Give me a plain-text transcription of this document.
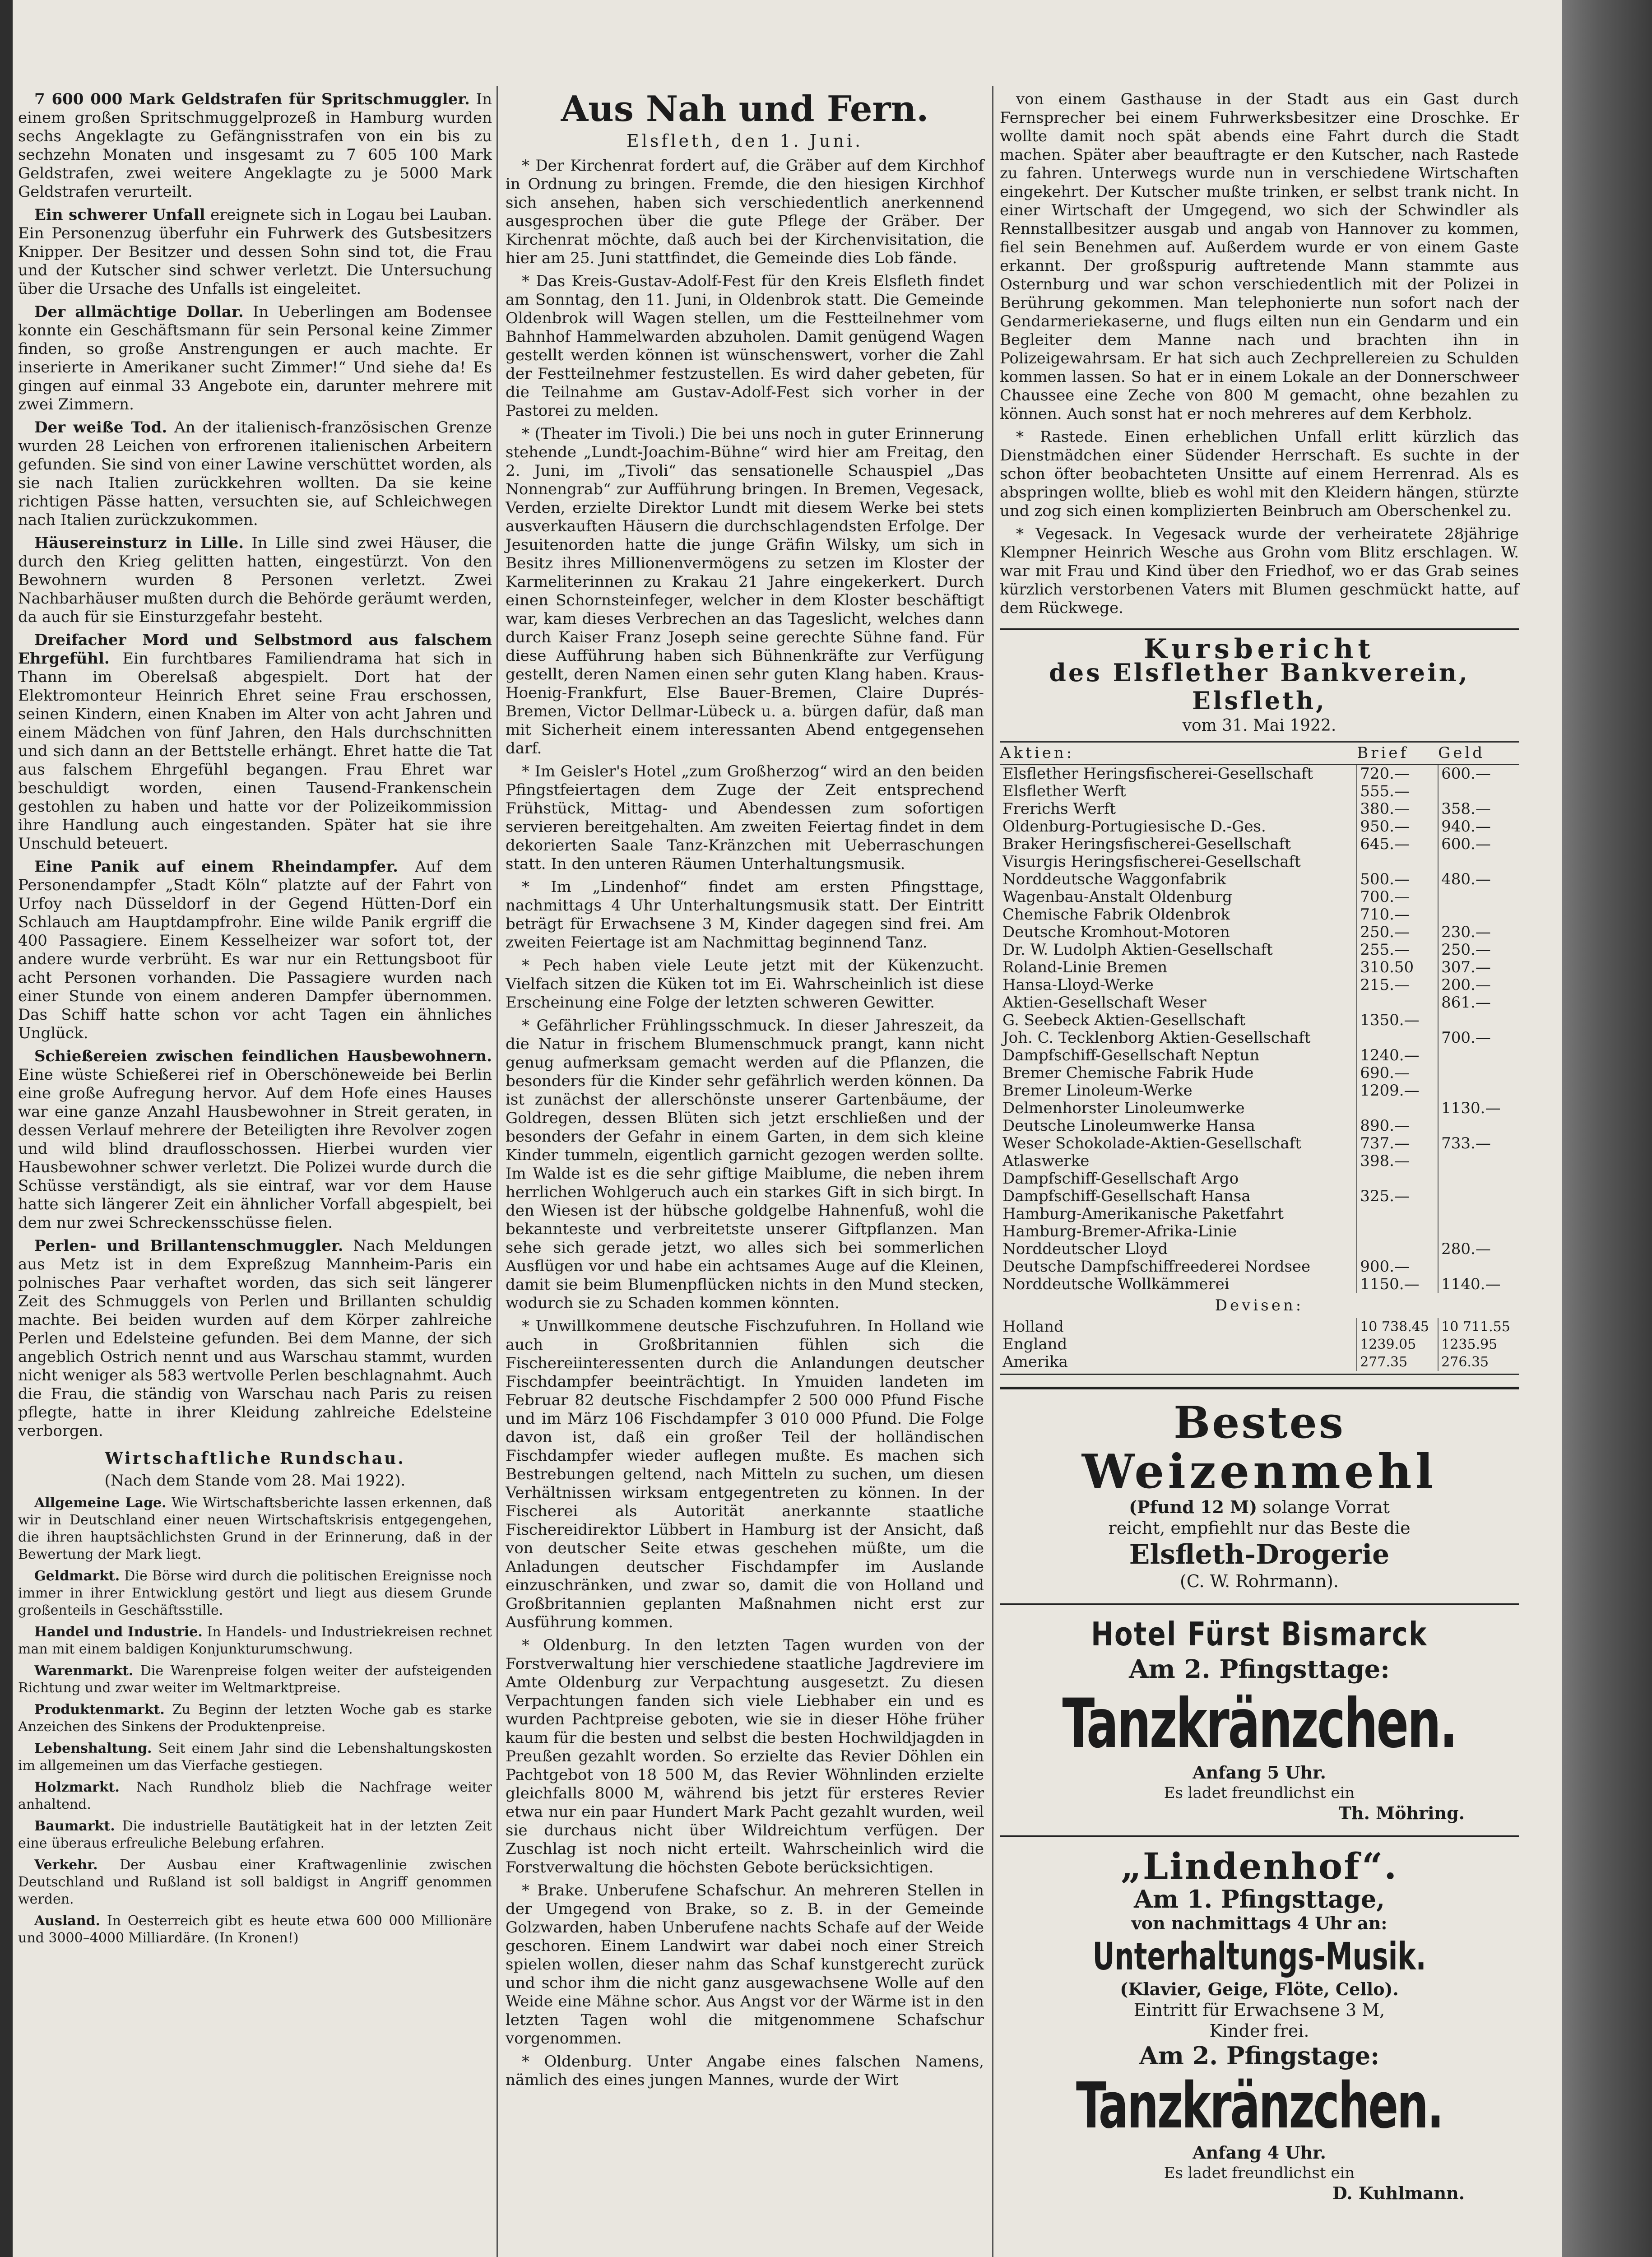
7 600 000 Mark Geldstrafen für Spritschmuggler. In einem großen Spritschmuggelprozeß in Hamburg wurden sechs Angeklagte zu Gefängnisstrafen von ein bis zu sechzehn Monaten und insgesamt zu 7 605 100 Mark Geldstrafen, zwei weitere Angeklagte zu je 5000 Mark Geldstrafen verurteilt.

Ein schwerer Unfall ereignete sich in Logau bei Lauban. Ein Personenzug überfuhr ein Fuhrwerk des Gutsbesitzers Knipper. Der Besitzer und dessen Sohn sind tot, die Frau und der Kutscher sind schwer verletzt. Die Untersuchung über die Ursache des Unfalls ist eingeleitet.

Der allmächtige Dollar. In Ueberlingen am Bodensee konnte ein Geschäftsmann für sein Personal keine Zimmer finden, so große Anstrengungen er auch machte. Er inserierte in Amerikaner sucht Zimmer!“ Und siehe da! Es gingen auf einmal 33 Angebote ein, darunter mehrere mit zwei Zimmern.

Der weiße Tod. An der italienisch-französischen Grenze wurden 28 Leichen von erfrorenen italienischen Arbeitern gefunden. Sie sind von einer Lawine verschüttet worden, als sie nach Italien zurückkehren wollten. Da sie keine richtigen Pässe hatten, versuchten sie, auf Schleichwegen nach Italien zurückzukommen.

Häusereinsturz in Lille. In Lille sind zwei Häuser, die durch den Krieg gelitten hatten, eingestürzt. Von den Bewohnern wurden 8 Personen verletzt. Zwei Nachbarhäuser mußten durch die Behörde geräumt werden, da auch für sie Einsturzgefahr besteht.

Dreifacher Mord und Selbstmord aus falschem Ehrgefühl. Ein furchtbares Familiendrama hat sich in Thann im Oberelsaß abgespielt. Dort hat der Elektromonteur Heinrich Ehret seine Frau erschossen, seinen Kindern, einen Knaben im Alter von acht Jahren und einem Mädchen von fünf Jahren, den Hals durchschnitten und sich dann an der Bettstelle erhängt. Ehret hatte die Tat aus falschem Ehrgefühl begangen. Frau Ehret war beschuldigt worden, einen Tausend-Frankenschein gestohlen zu haben und hatte vor der Polizeikommission ihre Handlung auch eingestanden. Später hat sie ihre Unschuld beteuert.

Eine Panik auf einem Rheindampfer. Auf dem Personendampfer „Stadt Köln“ platzte auf der Fahrt von Urfoy nach Düsseldorf in der Gegend Hütten-Dorf ein Schlauch am Hauptdampfrohr. Eine wilde Panik ergriff die 400 Passagiere. Einem Kesselheizer war sofort tot, der andere wurde verbrüht. Es war nur ein Rettungsboot für acht Personen vorhanden. Die Passagiere wurden nach einer Stunde von einem anderen Dampfer übernommen. Das Schiff hatte schon vor acht Tagen ein ähnliches Unglück.

Schießereien zwischen feindlichen Hausbewohnern. Eine wüste Schießerei rief in Oberschöneweide bei Berlin eine große Aufregung hervor. Auf dem Hofe eines Hauses war eine ganze Anzahl Hausbewohner in Streit geraten, in dessen Verlauf mehrere der Beteiligten ihre Revolver zogen und wild blind drauflosschossen. Hierbei wurden vier Hausbewohner schwer verletzt. Die Polizei wurde durch die Schüsse verständigt, als sie eintraf, war vor dem Hause hatte sich längerer Zeit ein ähnlicher Vorfall abgespielt, bei dem nur zwei Schreckensschüsse fielen.

Perlen- und Brillantenschmuggler. Nach Meldungen aus Metz ist in dem Expreßzug Mannheim-Paris ein polnisches Paar verhaftet worden, das sich seit längerer Zeit des Schmuggels von Perlen und Brillanten schuldig machte. Bei beiden wurden auf dem Körper zahlreiche Perlen und Edelsteine gefunden. Bei dem Manne, der sich angeblich Ostrich nennt und aus Warschau stammt, wurden nicht weniger als 583 wertvolle Perlen beschlagnahmt. Auch die Frau, die ständig von Warschau nach Paris zu reisen pflegte, hatte in ihrer Kleidung zahlreiche Edelsteine verborgen.

Wirtschaftliche Rundschau.

(Nach dem Stande vom 28. Mai 1922).

Allgemeine Lage. Wie Wirtschaftsberichte lassen erkennen, daß wir in Deutschland einer neuen Wirtschaftskrisis entgegengehen, die ihren hauptsächlichsten Grund in der Erinnerung, daß in der Bewertung der Mark liegt.

Geldmarkt. Die Börse wird durch die politischen Ereignisse noch immer in ihrer Entwicklung gestört und liegt aus diesem Grunde großenteils in Geschäftsstille.

Handel und Industrie. In Handels- und Industriekreisen rechnet man mit einem baldigen Konjunkturumschwung.

Warenmarkt. Die Warenpreise folgen weiter der aufsteigenden Richtung und zwar weiter im Weltmarktpreise.

Produktenmarkt. Zu Beginn der letzten Woche gab es starke Anzeichen des Sinkens der Produktenpreise.

Lebenshaltung. Seit einem Jahr sind die Lebenshaltungskosten im allgemeinen um das Vierfache gestiegen.

Holzmarkt. Nach Rundholz blieb die Nachfrage weiter anhaltend.

Baumarkt. Die industrielle Bautätigkeit hat in der letzten Zeit eine überaus erfreuliche Belebung erfahren.

Verkehr. Der Ausbau einer Kraftwagenlinie zwischen Deutschland und Rußland ist soll baldigst in Angriff genommen werden.

Ausland. In Oesterreich gibt es heute etwa 600 000 Millionäre und 3000–4000 Milliardäre. (In Kronen!)

Aus Nah und Fern.

Elsfleth, den 1. Juni.

* Der Kirchenrat fordert auf, die Gräber auf dem Kirchhof in Ordnung zu bringen. Fremde, die den hiesigen Kirchhof sich ansehen, haben sich verschiedentlich anerkennend ausgesprochen über die gute Pflege der Gräber. Der Kirchenrat möchte, daß auch bei der Kirchenvisitation, die hier am 25. Juni stattfindet, die Gemeinde dies Lob fände.

* Das Kreis-Gustav-Adolf-Fest für den Kreis Elsfleth findet am Sonntag, den 11. Juni, in Oldenbrok statt. Die Gemeinde Oldenbrok will Wagen stellen, um die Festteilnehmer vom Bahnhof Hammelwarden abzuholen. Damit genügend Wagen gestellt werden können ist wünschenswert, vorher die Zahl der Festteilnehmer festzustellen. Es wird daher gebeten, für die Teilnahme am Gustav-Adolf-Fest sich vorher in der Pastorei zu melden.

* (Theater im Tivoli.) Die bei uns noch in guter Erinnerung stehende „Lundt-Joachim-Bühne“ wird hier am Freitag, den 2. Juni, im „Tivoli“ das sensationelle Schauspiel „Das Nonnengrab“ zur Aufführung bringen. In Bremen, Vegesack, Verden, erzielte Direktor Lundt mit diesem Werke bei stets ausverkauften Häusern die durchschlagendsten Erfolge. Der Jesuitenorden hatte die junge Gräfin Wilsky, um sich in Besitz ihres Millionenvermögens zu setzen im Kloster der Karmeliterinnen zu Krakau 21 Jahre eingekerkert. Durch einen Schornsteinfeger, welcher in dem Kloster beschäftigt war, kam dieses Verbrechen an das Tageslicht, welches dann durch Kaiser Franz Joseph seine gerechte Sühne fand. Für diese Aufführung haben sich Bühnenkräfte zur Verfügung gestellt, deren Namen einen sehr guten Klang haben. Kraus-Hoenig-Frankfurt, Else Bauer-Bremen, Claire Duprés-Bremen, Victor Dellmar-Lübeck u. a. bürgen dafür, daß man mit Sicherheit einem interessanten Abend entgegensehen darf.

* Im Geisler's Hotel „zum Großherzog“ wird an den beiden Pfingstfeiertagen dem Zuge der Zeit entsprechend Frühstück, Mittag- und Abendessen zum sofortigen servieren bereitgehalten. Am zweiten Feiertag findet in dem dekorierten Saale Tanz-Kränzchen mit Ueberraschungen statt. In den unteren Räumen Unterhaltungsmusik.

* Im „Lindenhof“ findet am ersten Pfingsttage, nachmittags 4 Uhr Unterhaltungsmusik statt. Der Eintritt beträgt für Erwachsene 3 M, Kinder dagegen sind frei. Am zweiten Feiertage ist am Nachmittag beginnend Tanz.

* Pech haben viele Leute jetzt mit der Kükenzucht. Vielfach sitzen die Küken tot im Ei. Wahrscheinlich ist diese Erscheinung eine Folge der letzten schweren Gewitter.

* Gefährlicher Frühlingsschmuck. In dieser Jahreszeit, da die Natur in frischem Blumenschmuck prangt, kann nicht genug aufmerksam gemacht werden auf die Pflanzen, die besonders für die Kinder sehr gefährlich werden können. Da ist zunächst der allerschönste unserer Gartenbäume, der Goldregen, dessen Blüten sich jetzt erschließen und der besonders der Gefahr in einem Garten, in dem sich kleine Kinder tummeln, eigentlich garnicht gezogen werden sollte. Im Walde ist es die sehr giftige Maiblume, die neben ihrem herrlichen Wohlgeruch auch ein starkes Gift in sich birgt. In den Wiesen ist der hübsche goldgelbe Hahnenfuß, wohl die bekannteste und verbreitetste unserer Giftpflanzen. Man sehe sich gerade jetzt, wo alles sich bei sommerlichen Ausflügen vor und habe ein achtsames Auge auf die Kleinen, damit sie beim Blumenpflücken nichts in den Mund stecken, wodurch sie zu Schaden kommen könnten.

* Unwillkommene deutsche Fischzufuhren. In Holland wie auch in Großbritannien fühlen sich die Fischereiinteressenten durch die Anlandungen deutscher Fischdampfer beeinträchtigt. In Ymuiden landeten im Februar 82 deutsche Fischdampfer 2 500 000 Pfund Fische und im März 106 Fischdampfer 3 010 000 Pfund. Die Folge davon ist, daß ein großer Teil der holländischen Fischdampfer wieder auflegen mußte. Es machen sich Bestrebungen geltend, nach Mitteln zu suchen, um diesen Verhältnissen wirksam entgegentreten zu können. In der Fischerei als Autorität anerkannte staatliche Fischereidirektor Lübbert in Hamburg ist der Ansicht, daß von deutscher Seite etwas geschehen müßte, um die Anladungen deutscher Fischdampfer im Auslande einzuschränken, und zwar so, damit die von Holland und Großbritannien geplanten Maßnahmen nicht erst zur Ausführung kommen.

* Oldenburg. In den letzten Tagen wurden von der Forstverwaltung hier verschiedene staatliche Jagdreviere im Amte Oldenburg zur Verpachtung ausgesetzt. Zu diesen Verpachtungen fanden sich viele Liebhaber ein und es wurden Pachtpreise geboten, wie sie in dieser Höhe früher kaum für die besten und selbst die besten Hochwildjagden in Preußen gezahlt worden. So erzielte das Revier Döhlen ein Pachtgebot von 18 500 M, das Revier Wöhnlinden erzielte gleichfalls 8000 M, während bis jetzt für ersteres Revier etwa nur ein paar Hundert Mark Pacht gezahlt wurden, weil sie durchaus nicht über Wildreichtum verfügen. Der Zuschlag ist noch nicht erteilt. Wahrscheinlich wird die Forstverwaltung die höchsten Gebote berücksichtigen.

* Brake. Unberufene Schafschur. An mehreren Stellen in der Umgegend von Brake, so z. B. in der Gemeinde Golzwarden, haben Unberufene nachts Schafe auf der Weide geschoren. Einem Landwirt war dabei noch einer Streich spielen wollen, dieser nahm das Schaf kunstgerecht zurück und schor ihm die nicht ganz ausgewachsene Wolle auf den Weide eine Mähne schor. Aus Angst vor der Wärme ist in den letzten Tagen wohl die mitgenommene Schafschur vorgenommen.

* Oldenburg. Unter Angabe eines falschen Namens, nämlich des eines jungen Mannes, wurde der Wirt

von einem Gasthause in der Stadt aus ein Gast durch Fernsprecher bei einem Fuhrwerksbesitzer eine Droschke. Er wollte damit noch spät abends eine Fahrt durch die Stadt machen. Später aber beauftragte er den Kutscher, nach Rastede zu fahren. Unterwegs wurde nun in verschiedene Wirtschaften eingekehrt. Der Kutscher mußte trinken, er selbst trank nicht. In einer Wirtschaft der Umgegend, wo sich der Schwindler als Rennstallbesitzer ausgab und angab von Hannover zu kommen, fiel sein Benehmen auf. Außerdem wurde er von einem Gaste erkannt. Der großspurig auftretende Mann stammte aus Osternburg und war schon verschiedentlich mit der Polizei in Berührung gekommen. Man telephonierte nun sofort nach der Gendarmeriekaserne, und flugs eilten nun ein Gendarm und ein Begleiter dem Manne nach und brachten ihn in Polizeigewahrsam. Er hat sich auch Zechprellereien zu Schulden kommen lassen. So hat er in einem Lokale an der Donnerschweer Chaussee eine Zeche von 800 M gemacht, ohne bezahlen zu können. Auch sonst hat er noch mehreres auf dem Kerbholz.

* Rastede. Einen erheblichen Unfall erlitt kürzlich das Dienstmädchen einer Südender Herrschaft. Es suchte in der schon öfter beobachteten Unsitte auf einem Herrenrad. Als es abspringen wollte, blieb es wohl mit den Kleidern hängen, stürzte und zog sich einen komplizierten Beinbruch am Oberschenkel zu.

* Vegesack. In Vegesack wurde der verheiratete 28jährige Klempner Heinrich Wesche aus Grohn vom Blitz erschlagen. W. war mit Frau und Kind über den Friedhof, wo er das Grab seines kürzlich verstorbenen Vaters mit Blumen geschmückt hatte, auf dem Rückwege.

Kursbericht

des Elsflether Bankverein, Elsfleth,

vom 31. Mai 1922.

Aktien:	Brief	Geld
Elsflether Heringsfischerei-Gesellschaft	720.—	600.—
Elsflether Werft	555.—	
Frerichs Werft	380.—	358.—
Oldenburg-Portugiesische D.-Ges.	950.—	940.—
Braker Heringsfischerei-Gesellschaft	645.—	600.—
Visurgis Heringsfischerei-Gesellschaft		
Norddeutsche Waggonfabrik	500.—	480.—
Wagenbau-Anstalt Oldenburg	700.—	
Chemische Fabrik Oldenbrok	710.—	
Deutsche Kromhout-Motoren	250.—	230.—
Dr. W. Ludolph Aktien-Gesellschaft	255.—	250.—
Roland-Linie Bremen	310.50	307.—
Hansa-Lloyd-Werke	215.—	200.—
Aktien-Gesellschaft Weser		861.—
G. Seebeck Aktien-Gesellschaft	1350.—	
Joh. C. Tecklenborg Aktien-Gesellschaft		700.—
Dampfschiff-Gesellschaft Neptun	1240.—	
Bremer Chemische Fabrik Hude	690.—	
Bremer Linoleum-Werke	1209.—	
Delmenhorster Linoleumwerke		1130.—
Deutsche Linoleumwerke Hansa	890.—	
Weser Schokolade-Aktien-Gesellschaft	737.—	733.—
Atlaswerke	398.—	
Dampfschiff-Gesellschaft Argo		
Dampfschiff-Gesellschaft Hansa	325.—	
Hamburg-Amerikanische Paketfahrt		
Hamburg-Bremer-Afrika-Linie		
Norddeutscher Lloyd		280.—
Deutsche Dampfschiffreederei Nordsee	900.—	
Norddeutsche Wollkämmerei	1150.—	1140.—
Devisen:		
Holland	10 738.45	10 711.55
England	1239.05	1235.95
Amerika	277.35	276.35
Bestes
Weizenmehl
(Pfund 12 M) solange Vorrat
reicht, empfiehlt nur das Beste die
Elsfleth-Drogerie
(C. W. Rohrmann).
Hotel Fürst Bismarck
Am 2. Pfingsttage:
Tanzkränzchen.
Anfang 5 Uhr.
Es ladet freundlichst ein
Th. Möhring.
„Lindenhof“.
Am 1. Pfingsttage,
von nachmittags 4 Uhr an:
Unterhaltungs-Musik.
(Klavier, Geige, Flöte, Cello).
Eintritt für Erwachsene 3 M,
Kinder frei.
Am 2. Pfingstage:
Tanzkränzchen.
Anfang 4 Uhr.
Es ladet freundlichst ein
D. Kuhlmann.
